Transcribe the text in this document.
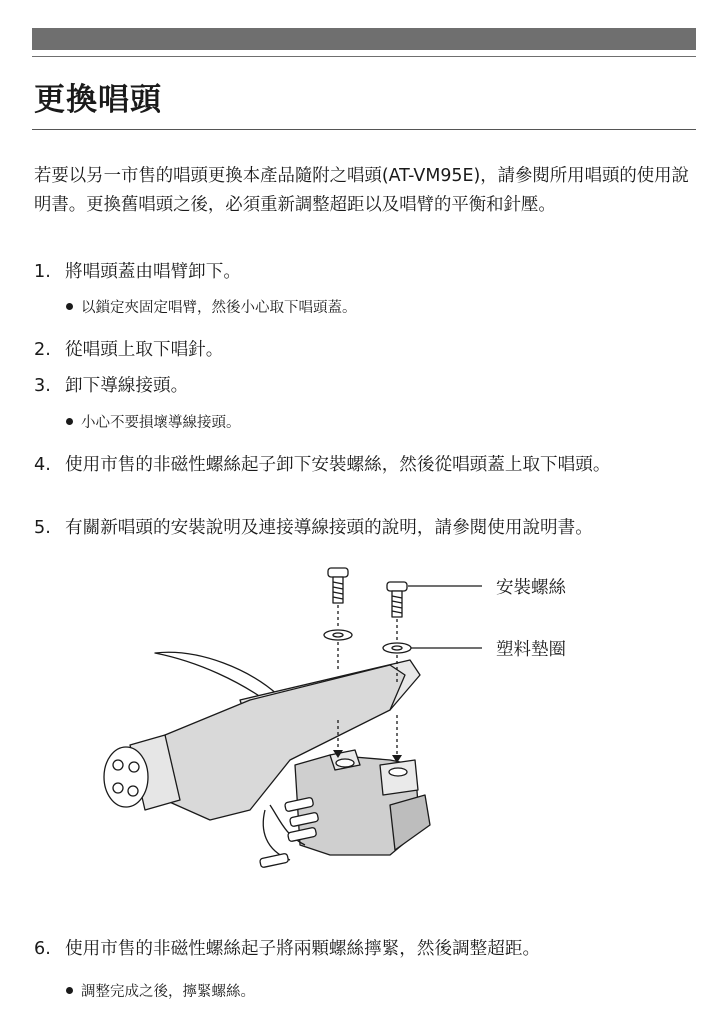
更換唱頭

若要以另一市售的唱頭更換本產品隨附之唱頭(AT-VM95E)，請參閱所用唱頭的使用說明書。更換舊唱頭之後，必須重新調整超距以及唱臂的平衡和針壓。

1. 將唱頭蓋由唱臂卸下。
以鎖定夾固定唱臂，然後小心取下唱頭蓋。
2. 從唱頭上取下唱針。
3. 卸下導線接頭。
小心不要損壞導線接頭。
4. 使用市售的非磁性螺絲起子卸下安裝螺絲，然後從唱頭蓋上取下唱頭。
5. 有關新唱頭的安裝說明及連接導線接頭的說明，請參閱使用說明書。
安裝螺絲
塑料墊圈
6. 使用市售的非磁性螺絲起子將兩顆螺絲擰緊，然後調整超距。
調整完成之後，擰緊螺絲。
